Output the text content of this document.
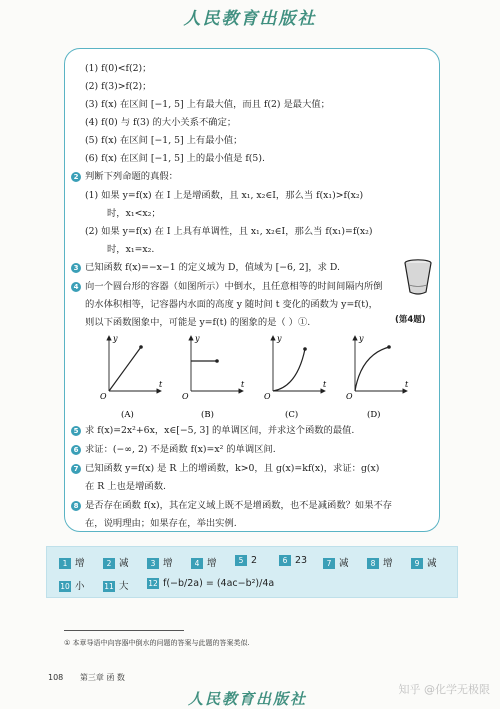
人民教育出版社
(1) f(0)<f(2)；
(2) f(3)>f(2)；
(3) f(x) 在区间 [−1, 5] 上有最大值，而且 f(2) 是最大值；
(4) f(0) 与 f(3) 的大小关系不确定；
(5) f(x) 在区间 [−1, 5] 上有最小值；
(6) f(x) 在区间 [−1, 5] 上的最小值是 f(5).
2 判断下列命题的真假：
(1) 如果 y=f(x) 在 I 上是增函数，且 x₁, x₂∈I，那么当 f(x₁)>f(x₂)
时，x₁<x₂；
(2) 如果 y=f(x) 在 I 上具有单调性，且 x₁, x₂∈I，那么当 f(x₁)=f(x₂)
时，x₁=x₂.
3 已知函数 f(x)=−x−1 的定义域为 D，值域为 [−6, 2]，求 D.
4 向一个圆台形的容器（如图所示）中倒水，且任意相等的时间间隔内所倒
的水体积相等，记容器内水面的高度 y 随时间 t 变化的函数为 y=f(t)，
则以下函数图象中，可能是 y=f(t) 的图象的是（ ）①.
5 求 f(x)=2x²+6x，x∈[−5, 3] 的单调区间，并求这个函数的最值.
6 求证：(−∞, 2) 不是函数 f(x)=x² 的单调区间.
7 已知函数 y=f(x) 是 R 上的增函数，k>0，且 g(x)=kf(x)，求证：g(x)
在 R 上也是增函数.
8 是否存在函数 f(x)，其在定义域上既不是增函数，也不是减函数？如果不存
在，说明理由；如果存在，举出实例.
(第4题)
O
y
t
(A)
O
y
t
(B)
O
y
t
(C)
O
y
t
(D)
1 增	2 减	3 增	4 增	5 2	6 23	7 减	8 增	9 减
10 小	11 大	12 f(−b/2a) = (4ac−b²)/4a
① 本章导语中向容器中倒水的问题的答案与此题的答案类似.
108 第三章 函 数
知乎 @化学无极限
人民教育出版社
